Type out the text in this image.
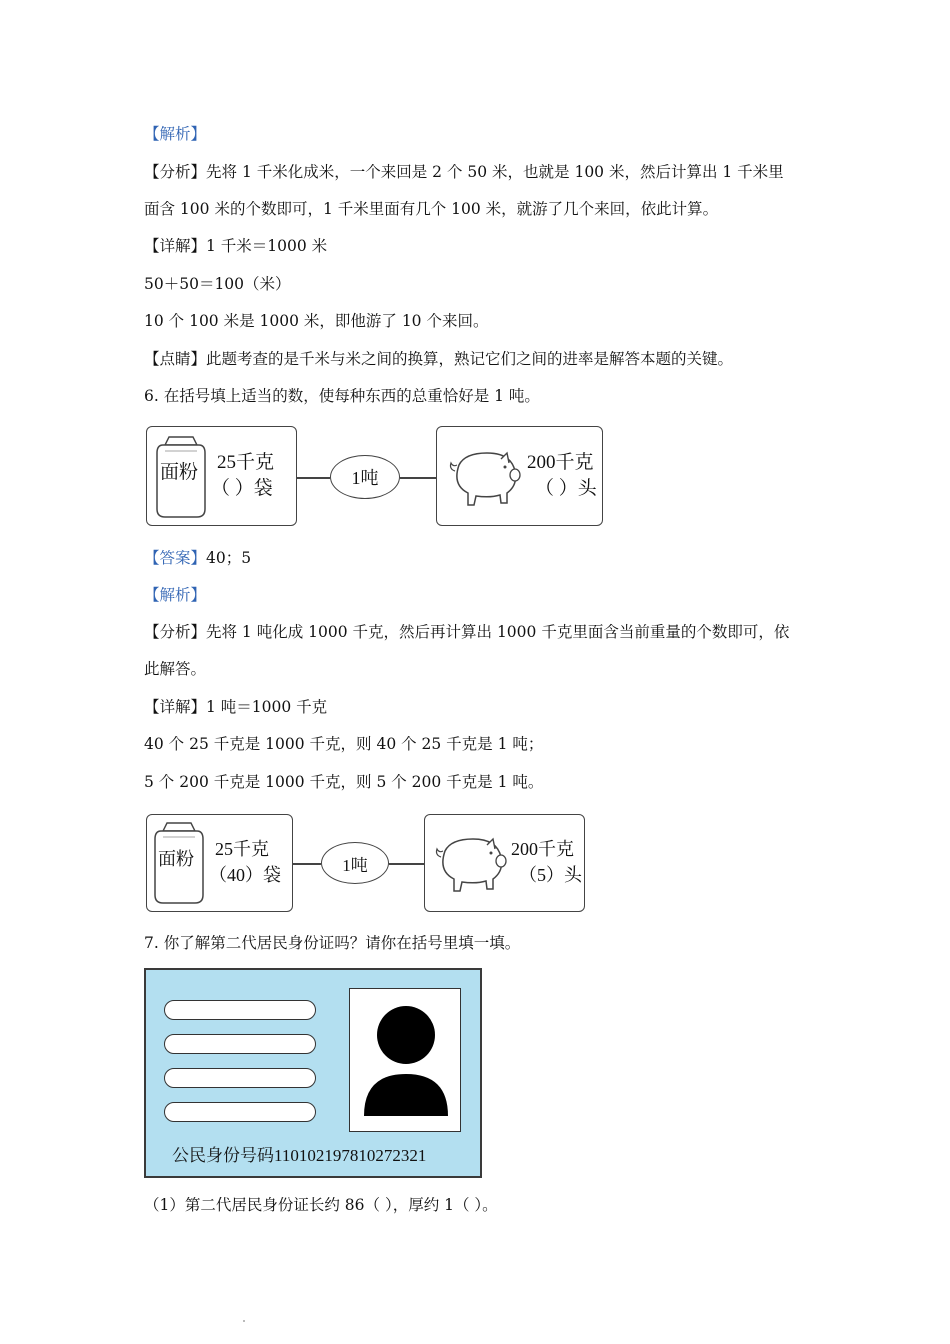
【解析】
【分析】先将 1 千米化成米，一个来回是 2 个 50 米，也就是 100 米，然后计算出 1 千米里
面含 100 米的个数即可，1 千米里面有几个 100 米，就游了几个来回，依此计算。
【详解】1 千米＝1000 米
50＋50＝100（米）
10 个 100 米是 1000 米，即他游了 10 个来回。
【点睛】此题考查的是千米与米之间的换算，熟记它们之间的进率是解答本题的关键。
6. 在括号填上适当的数，使每种东西的总重恰好是 1 吨。
面粉 25千克
（ ）袋	1吨
200千克
（ ）头
【答案】40；5
【解析】
【分析】先将 1 吨化成 1000 千克，然后再计算出 1000 千克里面含当前重量的个数即可，依
此解答。
【详解】1 吨＝1000 千克
40 个 25 千克是 1000 千克，则 40 个 25 千克是 1 吨；
5 个 200 千克是 1000 千克，则 5 个 200 千克是 1 吨。
面粉 25千克
（40）袋	1吨
200千克
（5）头
7. 你了解第二代居民身份证吗？请你在括号里填一填。
公民身份号码110102197810272321
（1）第二代居民身份证长约 86（ ），厚约 1（ ）。
